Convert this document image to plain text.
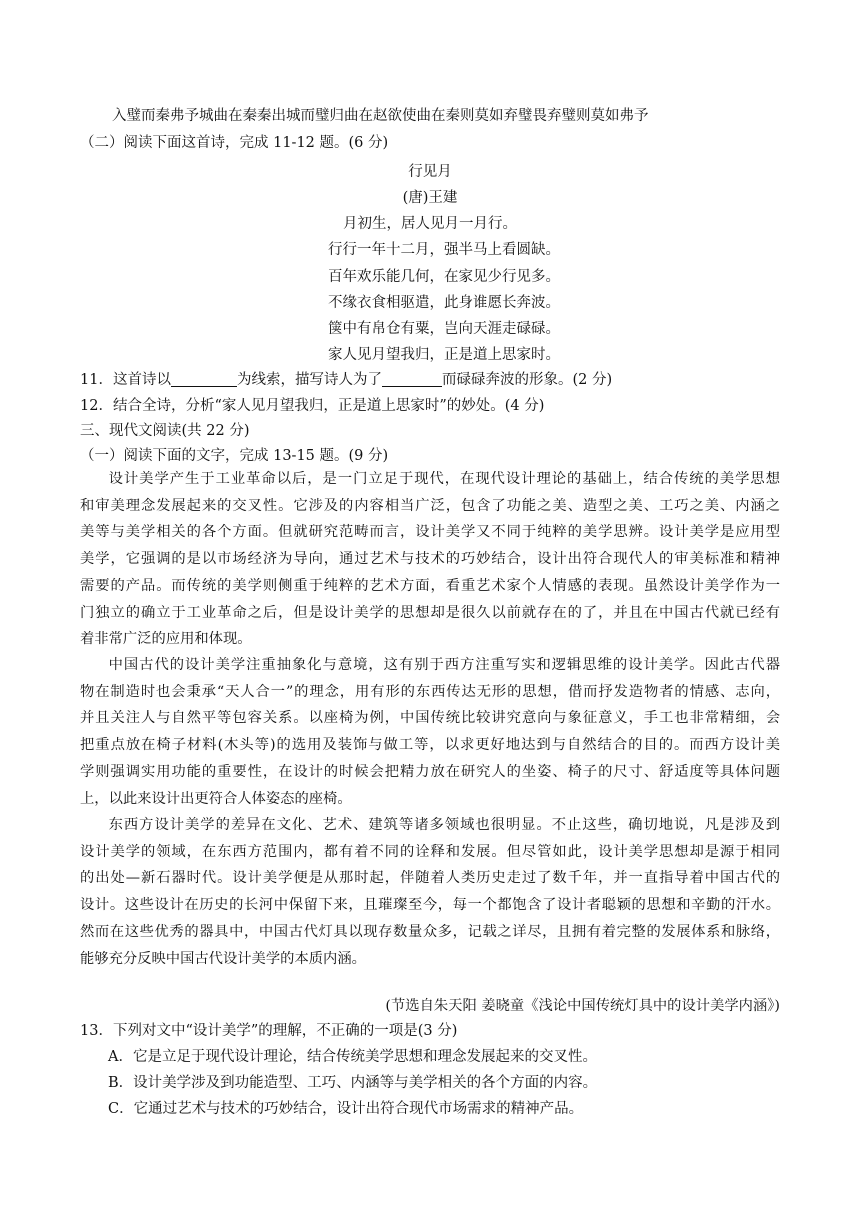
入璧而秦弗予城曲在秦秦出城而璧归曲在赵欲使曲在秦则莫如弃璧畏弃璧则莫如弗予
（二）阅读下面这首诗，完成 11-12 题。(6 分)
行见月
(唐)王建
月初生，居人见月一月行。
行行一年十二月，强半马上看圆缺。
百年欢乐能几何，在家见少行见多。
不缘衣食相驱遣，此身谁愿长奔波。
箧中有帛仓有粟，岂向天涯走碌碌。
家人见月望我归，正是道上思家时。
11．这首诗以	为线索，描写诗人为了	而碌碌奔波的形象。(2 分)
12．结合全诗，分析“家人见月望我归，正是道上思家时”的妙处。(4 分)
三、现代文阅读(共 22 分)
（一）阅读下面的文字，完成 13-15 题。(9 分)
设计美学产生于工业革命以后，是一门立足于现代，在现代设计理论的基础上，结合传统的美学思想
和审美理念发展起来的交叉性。它涉及的内容相当广泛，包含了功能之美、造型之美、工巧之美、内涵之
美等与美学相关的各个方面。但就研究范畴而言，设计美学又不同于纯粹的美学思辨。设计美学是应用型
美学，它强调的是以市场经济为导向，通过艺术与技术的巧妙结合，设计出符合现代人的审美标准和精神
需要的产品。而传统的美学则侧重于纯粹的艺术方面，看重艺术家个人情感的表现。虽然设计美学作为一
门独立的确立于工业革命之后，但是设计美学的思想却是很久以前就存在的了，并且在中国古代就已经有
着非常广泛的应用和体现。
中国古代的设计美学注重抽象化与意境，这有别于西方注重写实和逻辑思维的设计美学。因此古代器
物在制造时也会秉承“天人合一”的理念，用有形的东西传达无形的思想，借而抒发造物者的情感、志向，
并且关注人与自然平等包容关系。以座椅为例，中国传统比较讲究意向与象征意义，手工也非常精细，会
把重点放在椅子材料(木头等)的选用及装饰与做工等，以求更好地达到与自然结合的目的。而西方设计美
学则强调实用功能的重要性，在设计的时候会把精力放在研究人的坐姿、椅子的尺寸、舒适度等具体问题
上，以此来设计出更符合人体姿态的座椅。
东西方设计美学的差异在文化、艺术、建筑等诸多领域也很明显。不止这些，确切地说，凡是涉及到
设计美学的领域，在东西方范围内，都有着不同的诠释和发展。但尽管如此，设计美学思想却是源于相同
的出处—新石器时代。设计美学便是从那时起，伴随着人类历史走过了数千年，并一直指导着中国古代的
设计。这些设计在历史的长河中保留下来，且璀璨至今，每一个都饱含了设计者聪颖的思想和辛勤的汗水。
然而在这些优秀的器具中，中国古代灯具以现存数量众多，记载之详尽，且拥有着完整的发展体系和脉络，
能够充分反映中国古代设计美学的本质内涵。
(节选自朱天阳 姜晓童《浅论中国传统灯具中的设计美学内涵》)
13．下列对文中“设计美学”的理解，不正确的一项是(3 分)
A．它是立足于现代设计理论，结合传统美学思想和理念发展起来的交叉性。
B．设计美学涉及到功能造型、工巧、内涵等与美学相关的各个方面的内容。
C．它通过艺术与技术的巧妙结合，设计出符合现代市场需求的精神产品。
